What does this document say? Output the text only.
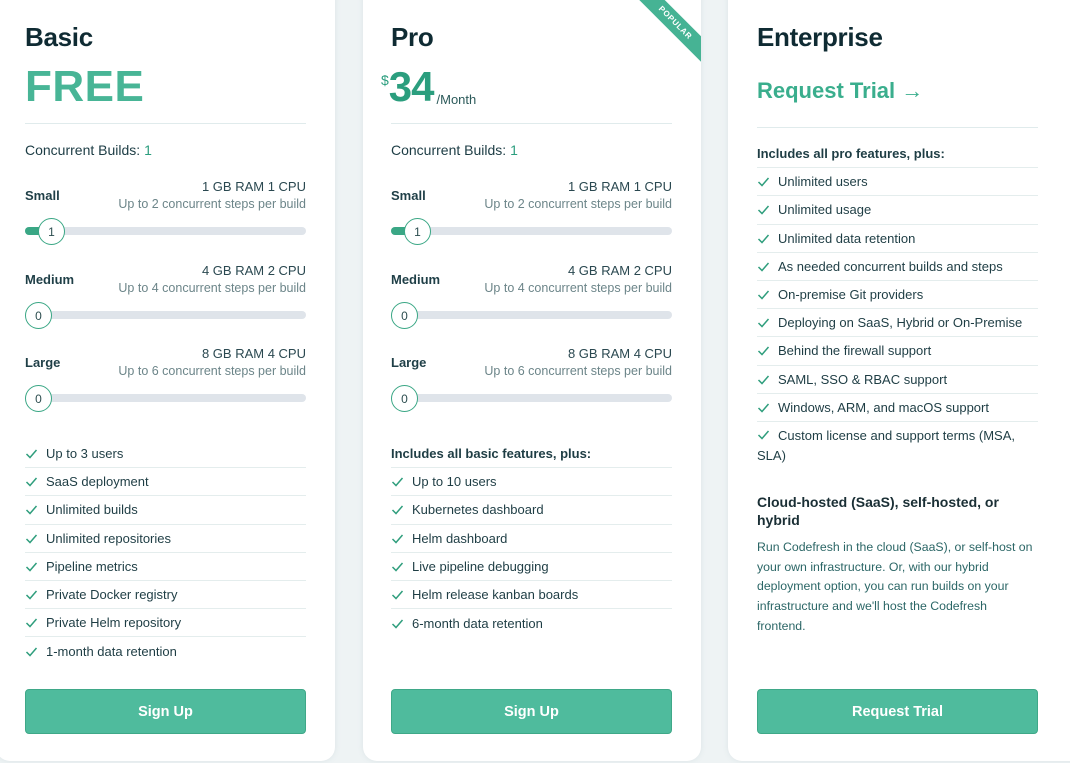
Basic
FREE
Concurrent Builds: 1
Small
1 GB RAM 1 CPU
Up to 2 concurrent steps per build
1
Medium
4 GB RAM 2 CPU
Up to 4 concurrent steps per build
0
Large
8 GB RAM 4 CPU
Up to 6 concurrent steps per build
0
Up to 3 users
SaaS deployment
Unlimited builds
Unlimited repositories
Pipeline metrics
Private Docker registry
Private Helm repository
1-month data retention
Sign Up
POPULAR
Pro
$ 34 /Month
Concurrent Builds: 1
Small
1 GB RAM 1 CPU
Up to 2 concurrent steps per build
1
Medium
4 GB RAM 2 CPU
Up to 4 concurrent steps per build
0
Large
8 GB RAM 4 CPU
Up to 6 concurrent steps per build
0
Includes all basic features, plus:
Up to 10 users
Kubernetes dashboard
Helm dashboard
Live pipeline debugging
Helm release kanban boards
6-month data retention
Sign Up
Enterprise
Request Trial →
Includes all pro features, plus:
Unlimited users
Unlimited usage
Unlimited data retention
As needed concurrent builds and steps
On-premise Git providers
Deploying on SaaS, Hybrid or On-Premise
Behind the firewall support
SAML, SSO & RBAC support
Windows, ARM, and macOS support
Custom license and support terms (MSA, SLA)
Cloud-hosted (SaaS), self-hosted, or hybrid
Run Codefresh in the cloud (SaaS), or self-host on your own infrastructure. Or, with our hybrid deployment option, you can run builds on your infrastructure and we'll host the Codefresh frontend.
Request Trial
